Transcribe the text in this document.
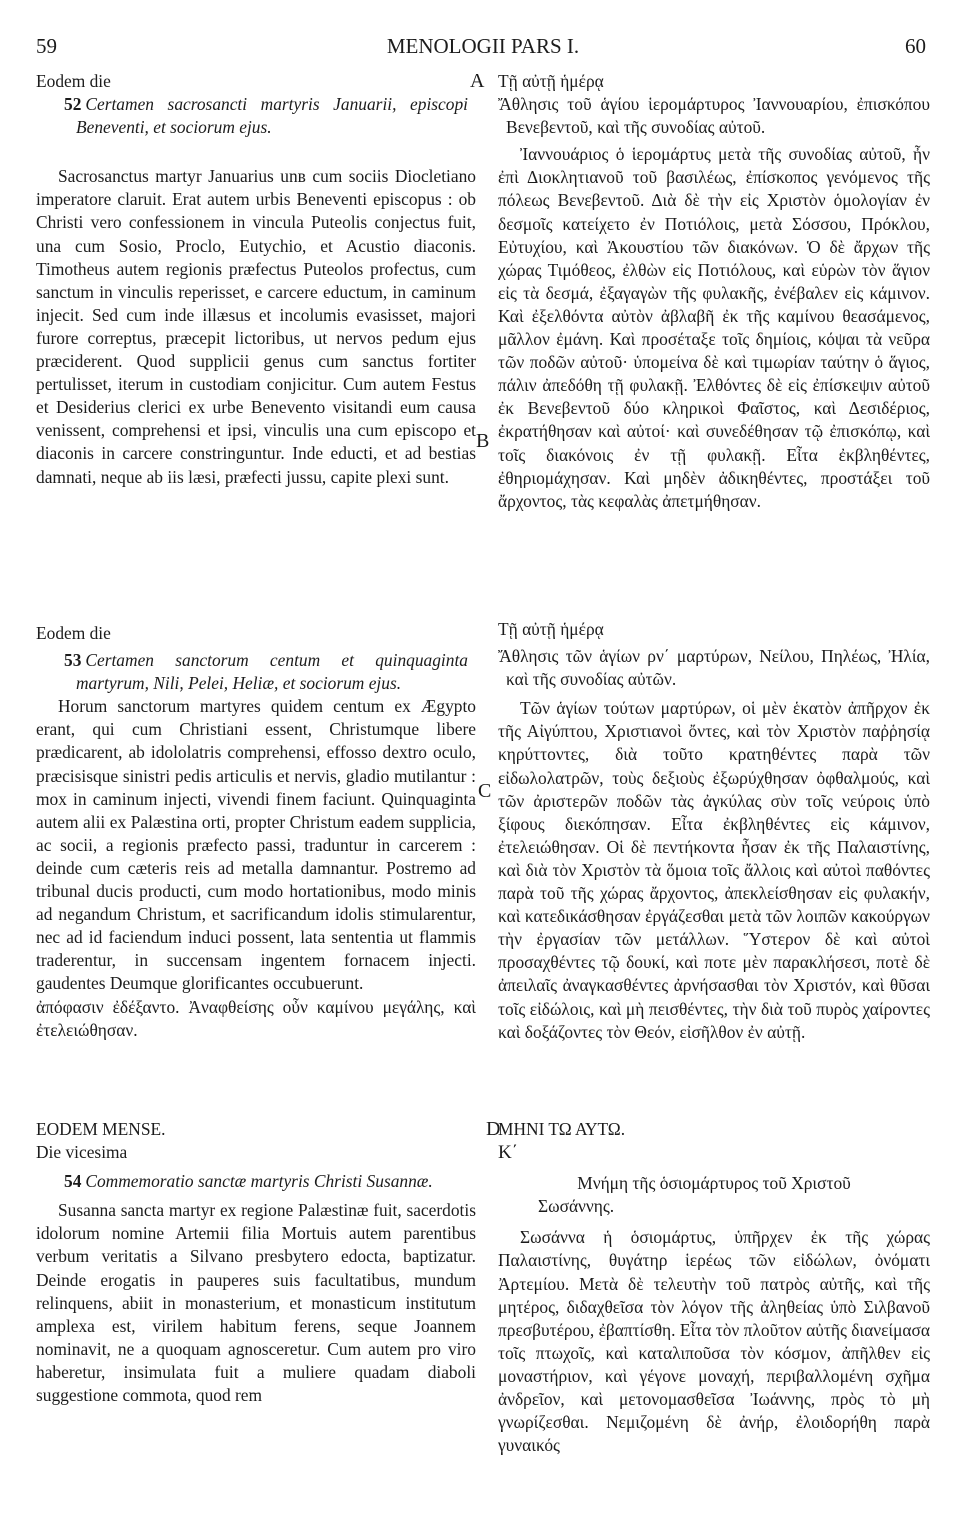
59	MENOLOGII PARS I.	60
A
B
C
D

Eodem die

52 Certamen sacrosancti martyris Januarii, episcopi Beneventi, et sociorum ejus.

Sacrosanctus martyr Januarius unв cum sociis Diocletiano imperatore claruit. Erat autem urbis Beneventi episcopus : ob Christi vero confessionem in vincula Puteolis conjectus fuit, una cum Sosio, Proclo, Eutychio, et Acustio diaconis. Timotheus autem regionis præfectus Puteolos profectus, cum sanctum in vinculis reperisset, e carcere eductum, in caminum injecit. Sed cum inde illæsus et incolumis evasisset, majori furore correptus, præcepit lictoribus, ut nervos pedum ejus præciderent. Quod supplicii genus cum sanctus fortiter pertulisset, iterum in custodiam conjicitur. Cum autem Festus et Desiderius clerici ex urbe Benevento visitandi eum causa venissent, comprehensi et ipsi, vinculis una cum episcopo et diaconis in carcere constringuntur. Inde educti, et ad bestias damnati, neque ab iis læsi, præfecti jussu, capite plexi sunt.

Eodem die

53 Certamen sanctorum centum et quinquaginta martyrum, Nili, Pelei, Heliæ, et sociorum ejus.

Horum sanctorum martyres quidem centum ex Ægypto erant, qui cum Christiani essent, Christumque libere prædicarent, ab idololatris comprehensi, effosso dextro oculo, præcisisque sinistri pedis articulis et nervis, gladio mutilantur : mox in caminum injecti, vivendi finem faciunt. Quinquaginta autem alii ex Palæstina orti, propter Christum eadem supplicia, ac socii, a regionis præfecto passi, traduntur in carcerem : deinde cum cæteris reis ad metalla damnantur. Postremo ad tribunal ducis producti, cum modo hortationibus, modo minis ad negandum Christum, et sacrificandum idolis stimularentur, nec ad id faciendum induci possent, lata sententia ut flammis traderentur, in succensam ingentem fornacem injecti. gaudentes Deumque glorificantes occubuerunt.

ἀπόφασιν ἐδέξαντο. Ἀναφθείσης οὖν καμίνου μεγάλης, καὶ ἐτελειώθησαν.

EODEM MENSE.

Die vicesima

54 Commemoratio sanctæ martyris Christi Susannæ.

Susanna sancta martyr ex regione Palæstinæ fuit, sacerdotis idolorum nomine Artemii filia Mortuis autem parentibus verbum veritatis a Silvano presbytero edocta, baptizatur. Deinde erogatis in pauperes suis facultatibus, mundum relinquens, abiit in monasterium, et monasticum institutum amplexa est, virilem habitum ferens, seque Joannem nominavit, ne a quoquam agnosceretur. Cum autem pro viro haberetur, insimulata fuit a muliere quadam diaboli suggestione commota, quod rem

Τῇ αὐτῇ ἡμέρᾳ

Ἄθλησις τοῦ ἁγίου ἱερομάρτυρος Ἰαννουαρίου, ἐπισκόπου Βενεβεντοῦ, καὶ τῆς συνοδίας αὐτοῦ.

Ἰαννουάριος ὁ ἱερομάρτυς μετὰ τῆς συνοδίας αὐτοῦ, ἦν ἐπὶ Διοκλητιανοῦ τοῦ βασιλέως, ἐπίσκοπος γενόμενος τῆς πόλεως Βενεβεντοῦ. Διὰ δὲ τὴν εἰς Χριστὸν ὁμολογίαν ἐν δεσμοῖς κατείχετο ἐν Ποτιόλοις, μετὰ Σόσσου, Πρόκλου, Εὐτυχίου, καὶ Ἀκουστίου τῶν διακόνων. Ὁ δὲ ἄρχων τῆς χώρας Τιμόθεος, ἐλθὼν εἰς Ποτιόλους, καὶ εὑρὼν τὸν ἅγιον εἰς τὰ δεσμά, ἐξαγαγὼν τῆς φυλακῆς, ἐνέβαλεν εἰς κάμινον. Καὶ ἐξελθόντα αὐτὸν ἀβλαβῆ ἐκ τῆς καμίνου θεασάμενος, μᾶλλον ἐμάνη. Καὶ προσέταξε τοῖς δημίοις, κόψαι τὰ νεῦρα τῶν ποδῶν αὐτοῦ· ὑπομείνα δὲ καὶ τιμωρίαν ταύτην ὁ ἅγιος, πάλιν ἀπεδόθη τῇ φυλακῇ. Ἐλθόντες δὲ εἰς ἐπίσκεψιν αὐτοῦ ἐκ Βενεβεντοῦ δύο κληρικοὶ Φαῖστος, καὶ Δεσιδέριος, ἐκρατήθησαν καὶ αὐτοί· καὶ συνεδέθησαν τῷ ἐπισκόπῳ, καὶ τοῖς διακόνοις ἐν τῇ φυλακῇ. Εἶτα ἐκβληθέντες, ἐθηριομάχησαν. Καὶ μηδὲν ἀδικηθέντες, προστάξει τοῦ ἄρχοντος, τὰς κεφαλὰς ἀπετμήθησαν.

Τῇ αὐτῇ ἡμέρᾳ

Ἄθλησις τῶν ἁγίων ρν΄ μαρτύρων, Νείλου, Πηλέως, Ἠλία, καὶ τῆς συνοδίας αὐτῶν.

Τῶν ἁγίων τούτων μαρτύρων, οἱ μὲν ἑκατὸν ἀπῆρχον ἐκ τῆς Αἰγύπτου, Χριστιανοὶ ὄντες, καὶ τὸν Χριστὸν παῤῥησίᾳ κηρύττοντες, διὰ τοῦτο κρατηθέντες παρὰ τῶν εἰδωλολατρῶν, τοὺς δεξιοὺς ἐξωρύχθησαν ὀφθαλμούς, καὶ τῶν ἀριστερῶν ποδῶν τὰς ἀγκύλας σὺν τοῖς νεύροις ὑπὸ ξίφους διεκόπησαν. Εἶτα ἐκβληθέντες εἰς κάμινον, ἐτελειώθησαν. Οἱ δὲ πεντήκοντα ἦσαν ἐκ τῆς Παλαιστίνης, καὶ διὰ τὸν Χριστὸν τὰ ὅμοια τοῖς ἄλλοις καὶ αὐτοὶ παθόντες παρὰ τοῦ τῆς χώρας ἄρχοντος, ἀπεκλείσθησαν εἰς φυλακήν, καὶ κατεδικάσθησαν ἐργάζεσθαι μετὰ τῶν λοιπῶν κακούργων τὴν ἐργασίαν τῶν μετάλλων. Ὕστερον δὲ καὶ αὐτοὶ προσαχθέντες τῷ δουκί, καὶ ποτε μὲν παρακλήσεσι, ποτὲ δὲ ἀπειλαῖς ἀναγκασθέντες ἀρνήσασθαι τὸν Χριστόν, καὶ θῦσαι τοῖς εἰδώλοις, καὶ μὴ πεισθέντες, τὴν διὰ τοῦ πυρὸς χαίροντες καὶ δοξάζοντες τὸν Θεόν, εἰσῆλθον ἐν αὐτῇ.

ΜΗΝΙ ΤΩ ΑΥΤΩ.

Κ΄

Μνήμη τῆς ὁσιομάρτυρος τοῦ Χριστοῦ Σωσάννης.

Σωσάννα ἡ ὁσιομάρτυς, ὑπῆρχεν ἐκ τῆς χώρας Παλαιστίνης, θυγάτηρ ἱερέως τῶν εἰδώλων, ὀνόματι Ἀρτεμίου. Μετὰ δὲ τελευτὴν τοῦ πατρὸς αὐτῆς, καὶ τῆς μητέρος, διδαχθεῖσα τὸν λόγον τῆς ἀληθείας ὑπὸ Σιλβανοῦ πρεσβυτέρου, ἐβαπτίσθη. Εἶτα τὸν πλοῦτον αὐτῆς διανείμασα τοῖς πτωχοῖς, καὶ καταλιποῦσα τὸν κόσμον, ἀπῆλθεν εἰς μοναστήριον, καὶ γέγονε μοναχή, περιβαλλομένη σχῆμα ἀνδρεῖον, καὶ μετονομασθεῖσα Ἰωάννης, πρὸς τὸ μὴ γνωρίζεσθαι. Νεμιζομένη δὲ ἀνήρ, ἐλοιδορήθη παρὰ γυναικός
